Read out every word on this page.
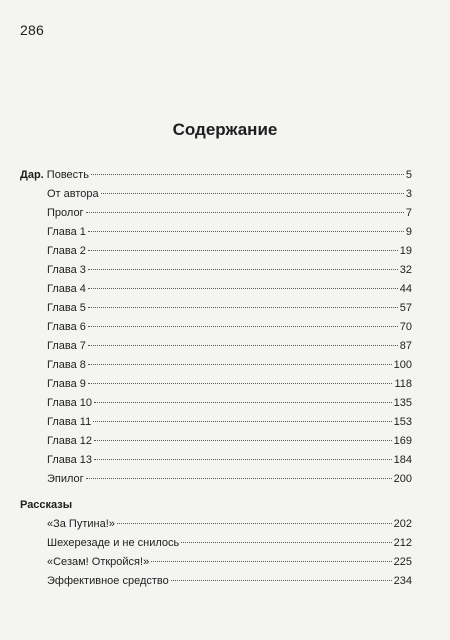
286
Содержание
Дар. Повесть	5
От автора	3
Пролог	7
Глава 1	9
Глава 2	19
Глава 3	32
Глава 4	44
Глава 5	57
Глава 6	70
Глава 7	87
Глава 8	100
Глава 9	118
Глава 10	135
Глава 11	153
Глава 12	169
Глава 13	184
Эпилог	200
Рассказы
«За Путина!»	202
Шехерезаде и не снилось	212
«Сезам! Откройся!»	225
Эффективное средство	234
